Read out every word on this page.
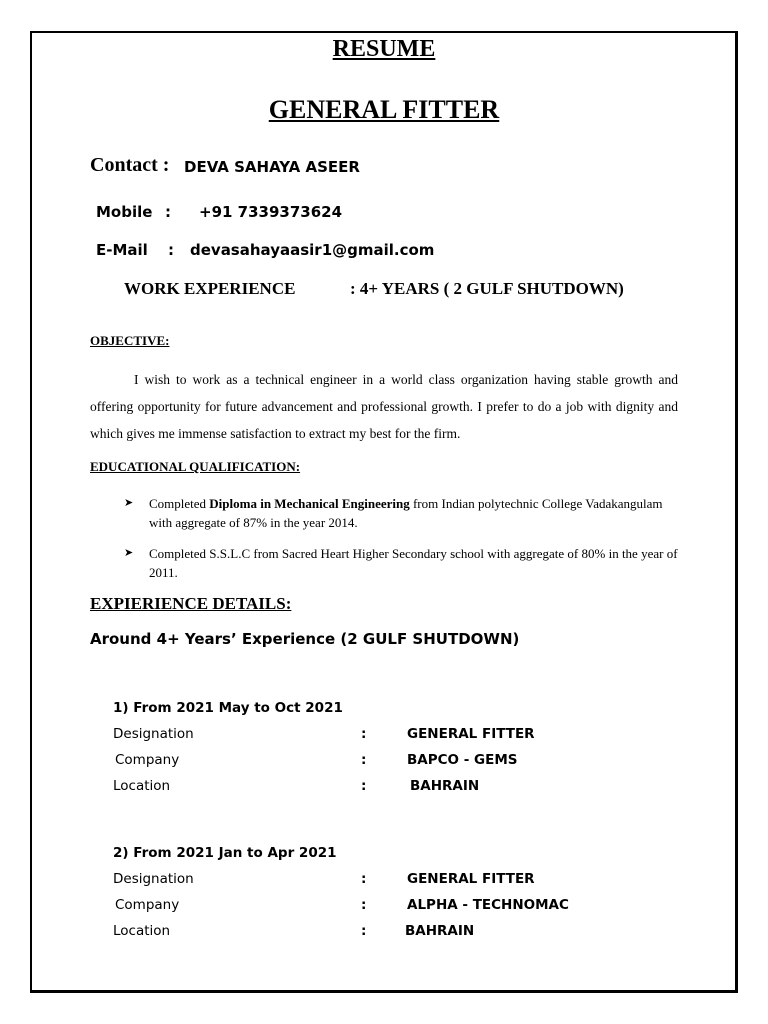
RESUME
GENERAL FITTER
Contact : DEVA SAHAYA ASEER
Mobile : +91 7339373624
E-Mail : devasahayaasir1@gmail.com
WORK EXPERIENCE	: 4+ YEARS ( 2 GULF SHUTDOWN)
OBJECTIVE:
I wish to work as a technical engineer in a world class organization having stable growth and offering opportunity for future advancement and professional growth. I prefer to do a job with dignity and which gives me immense satisfaction to extract my best for the firm.
EDUCATIONAL QUALIFICATION:
➤ Completed Diploma in Mechanical Engineering from Indian polytechnic College Vadakangulam with aggregate of 87% in the year 2014.
➤ Completed S.S.L.C from Sacred Heart Higher Secondary school with aggregate of 80% in the year of 2011.
EXPIERIENCE DETAILS:
Around 4+ Years’ Experience (2 GULF SHUTDOWN)
1) From 2021 May to Oct 2021
Designation	:	GENERAL FITTER
Company	:	BAPCO - GEMS
Location	:	BAHRAIN
2) From 2021 Jan to Apr 2021
Designation	:	GENERAL FITTER
Company	:	ALPHA - TECHNOMAC
Location	:	BAHRAIN
